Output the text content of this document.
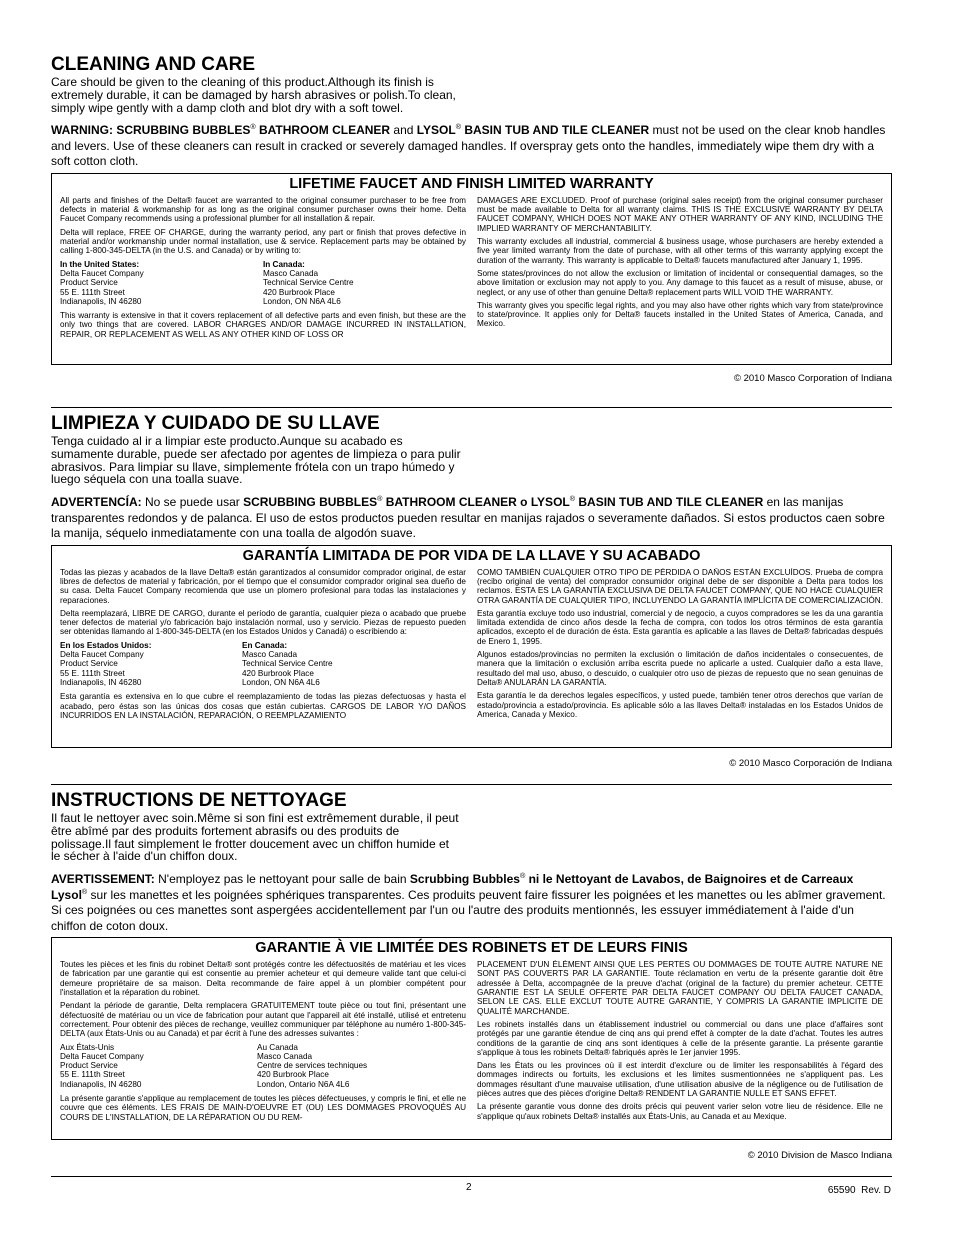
CLEANING AND CARE
Care should be given to the cleaning of this product.Although its finish is extremely durable, it can be damaged by harsh abrasives or polish.To clean, simply wipe gently with a damp cloth and blot dry with a soft towel.
WARNING: SCRUBBING BUBBLES® BATHROOM CLEANER and LYSOL® BASIN TUB AND TILE CLEANER must not be used on the clear knob handles and levers. Use of these cleaners can result in cracked or severely damaged handles. If overspray gets onto the handles, immediately wipe them dry with a soft cotton cloth.
LIFETIME FAUCET AND FINISH LIMITED WARRANTY

All parts and finishes of the Delta® faucet are warranted to the original consumer purchaser to be free from defects in material & workmanship for as long as the original consumer purchaser owns their home. Delta Faucet Company recommends using a professional plumber for all installation & repair.

Delta will replace, FREE OF CHARGE, during the warranty period, any part or finish that proves defective in material and/or workmanship under normal installation, use & service. Replacement parts may be obtained by calling 1-800-345-DELTA (in the U.S. and Canada) or by writing to:

In the United States:
Delta Faucet Company
Product Service
55 E. 111th Street
Indianapolis, IN 46280
In Canada:
Masco Canada
Technical Service Centre
420 Burbrook Place
London, ON N6A 4L6

This warranty is extensive in that it covers replacement of all defective parts and even finish, but these are the only two things that are covered. LABOR CHARGES AND/OR DAMAGE INCURRED IN INSTALLATION, REPAIR, OR REPLACEMENT AS WELL AS ANY OTHER KIND OF LOSS OR

DAMAGES ARE EXCLUDED. Proof of purchase (original sales receipt) from the original consumer purchaser must be made available to Delta for all warranty claims. THIS IS THE EXCLUSIVE WARRANTY BY DELTA FAUCET COMPANY, WHICH DOES NOT MAKE ANY OTHER WARRANTY OF ANY KIND, INCLUDING THE IMPLIED WARRANTY OF MERCHANTABILITY.

This warranty excludes all industrial, commercial & business usage, whose purchasers are hereby extended a five year limited warranty from the date of purchase, with all other terms of this warranty applying except the duration of the warranty. This warranty is applicable to Delta® faucets manufactured after January 1, 1995.

Some states/provinces do not allow the exclusion or limitation of incidental or consequential damages, so the above limitation or exclusion may not apply to you. Any damage to this faucet as a result of misuse, abuse, or neglect, or any use of other than genuine Delta® replacement parts WILL VOID THE WARRANTY.

This warranty gives you specific legal rights, and you may also have other rights which vary from state/province to state/province. It applies only for Delta® faucets installed in the United States of America, Canada, and Mexico.

© 2010 Masco Corporation of Indiana
LIMPIEZA Y CUIDADO DE SU LLAVE
Tenga cuidado al ir a limpiar este producto.Aunque su acabado es sumamente durable, puede ser afectado por agentes de limpieza o para pulir abrasivos. Para limpiar su llave, simplemente frótela con un trapo húmedo y luego séquela con una toalla suave.
ADVERTENCÍA: No se puede usar SCRUBBING BUBBLES® BATHROOM CLEANER o LYSOL® BASIN TUB AND TILE CLEANER en las manijas transparentes redondos y de palanca. El uso de estos productos pueden resultar en manijas rajados o severamente dañados. Si estos productos caen sobre la manija, séquelo inmediatamente con una toalla de algodón suave.
GARANTÍA LIMITADA DE POR VIDA DE LA LLAVE Y SU ACABADO

Todas las piezas y acabados de la llave Delta® están garantizados al consumidor comprador original, de estar libres de defectos de material y fabricación, por el tiempo que el consumidor comprador original sea dueño de su casa. Delta Faucet Company recomienda que use un plomero profesional para todas las instalaciones y reparaciones.

Delta reemplazará, LIBRE DE CARGO, durante el período de garantía, cualquier pieza o acabado que pruebe tener defectos de material y/o fabricación bajo instalación normal, uso y servicio. Piezas de repuesto pueden ser obtenidas llamando al 1-800-345-DELTA (en los Estados Unidos y Canadá) o escribiendo a:

En los Estados Unidos:
Delta Faucet Company
Product Service
55 E. 111th Street
Indianapolis, IN 46280
En Canada:
Masco Canada
Technical Service Centre
420 Burbrook Place
London, ON N6A 4L6

Esta garantía es extensiva en lo que cubre el reemplazamiento de todas las piezas defectuosas y hasta el acabado, pero éstas son las únicas dos cosas que están cubiertas. CARGOS DE LABOR Y/O DAÑOS INCURRIDOS EN LA INSTALACIÓN, REPARACIÓN, O REEMPLAZAMIENTO

COMO TAMBIÉN CUALQUIER OTRO TIPO DE PÉRDIDA O DAÑOS ESTÁN EXCLUÍDOS. Prueba de compra (recibo original de venta) del comprador consumidor original debe de ser disponible a Delta para todos los reclamos. ESTA ES LA GARANTÍA EXCLUSIVA DE DELTA FAUCET COMPANY, QUE NO HACE CUALQUIER OTRA GARANTÍA DE CUALQUIER TIPO, INCLUYENDO LA GARANTÍA IMPLÍCITA DE COMERCIALIZACIÓN.

Esta garantía excluye todo uso industrial, comercial y de negocio, a cuyos compradores se les da una garantía limitada extendida de cinco años desde la fecha de compra, con todos los otros términos de esta garantía aplicados, excepto el de duración de ésta. Esta garantía es aplicable a las llaves de Delta® fabricadas después de Enero 1, 1995.

Algunos estados/provincias no permiten la exclusión o limitación de daños incidentales o consecuentes, de manera que la limitación o exclusión arriba escrita puede no aplicarle a usted. Cualquier daño a esta llave, resultado del mal uso, abuso, o descuido, o cualquier otro uso de piezas de repuesto que no sean genuinas de Delta® ANULARÁN LA GARANTÍA.

Esta garantía le da derechos legales específicos, y usted puede, también tener otros derechos que varían de estado/provincia a estado/provincia. Es aplicable sólo a las llaves Delta® instaladas en los Estados Unidos de America, Canada y Mexico.

© 2010 Masco Corporación de Indiana
INSTRUCTIONS DE NETTOYAGE
Il faut le nettoyer avec soin.Même si son fini est extrêmement durable, il peut être abîmé par des produits fortement abrasifs ou des produits de polissage.Il faut simplement le frotter doucement avec un chiffon humide et le sécher à l'aide d'un chiffon doux.
AVERTISSEMENT: N'employez pas le nettoyant pour salle de bain Scrubbing Bubbles® ni le Nettoyant de Lavabos, de Baignoires et de Carreaux Lysol® sur les manettes et les poignées sphériques transparentes. Ces produits peuvent faire fissurer les poignées et les manettes ou les abîmer gravement. Si ces poignées ou ces manettes sont aspergées accidentellement par l'un ou l'autre des produits mentionnés, les essuyer immédiatement à l'aide d'un chiffon de coton doux.
GARANTIE À VIE LIMITÉE DES ROBINETS ET DE LEURS FINIS

Toutes les pièces et les finis du robinet Delta® sont protégés contre les défectuosités de matériau et les vices de fabrication par une garantie qui est consentie au premier acheteur et qui demeure valide tant que celui-ci demeure propriétaire de sa maison. Delta recommande de faire appel à un plombier compétent pour l'installation et la réparation du robinet.

Pendant la période de garantie, Delta remplacera GRATUITEMENT toute pièce ou tout fini, présentant une défectuosité de matériau ou un vice de fabrication pour autant que l'appareil ait été installé, utilisé et entretenu correctement. Pour obtenir des pièces de rechange, veuillez communiquer par téléphone au numéro 1-800-345-DELTA (aux États-Unis ou au Canada) et par écrit à l'une des adresses suivantes :

Aux États-Unis
Delta Faucet Company
Product Service
55 E. 111th Street
Indianapolis, IN 46280
Au Canada
Masco Canada
Centre de services techniques
420 Burbrook Place
London, Ontario N6A 4L6

La présente garantie s'applique au remplacement de toutes les pièces défectueuses, y compris le fini, et elle ne couvre que ces éléments. LES FRAIS DE MAIN-D'OEUVRE ET (OU) LES DOMMAGES PROVOQUÉS AU COURS DE L'INSTALLATION, DE LA RÉPARATION OU DU REM-

PLACEMENT D'UN ÉLÉMENT AINSI QUE LES PERTES OU DOMMAGES DE TOUTE AUTRE NATURE NE SONT PAS COUVERTS PAR LA GARANTIE. Toute réclamation en vertu de la présente garantie doit être adressée à Delta, accompagnée de la preuve d'achat (original de la facture) du premier acheteur. CETTE GARANTIE EST LA SEULE OFFERTE PAR DELTA FAUCET COMPANY OU DELTA FAUCET CANADA, SELON LE CAS. ELLE EXCLUT TOUTE AUTRE GARANTIE, Y COMPRIS LA GARANTIE IMPLICITE DE QUALITÉ MARCHANDE.

Les robinets installés dans un établissement industriel ou commercial ou dans une place d'affaires sont protégés par une garantie étendue de cinq ans qui prend effet à compter de la date d'achat. Toutes les autres conditions de la garantie de cinq ans sont identiques à celle de la présente garantie. La présente garantie s'applique à tous les robinets Delta® fabriqués après le 1er janvier 1995.

Dans les États ou les provinces où il est interdit d'exclure ou de limiter les responsabilités à l'égard des dommages indirects ou fortuits, les exclusions et les limites susmentionnées ne s'appliquent pas. Les dommages résultant d'une mauvaise utilisation, d'une utilisation abusive de la négligence ou de l'utilisation de pièces autres que des pièces d'origine Delta® RENDENT LA GARANTIE NULLE ET SANS EFFET.

La présente garantie vous donne des droits précis qui peuvent varier selon votre lieu de résidence. Elle ne s'applique qu'aux robinets Delta® installés aux États-Unis, au Canada et au Mexique.

© 2010 Division de Masco Indiana
2	65590  Rev. D
